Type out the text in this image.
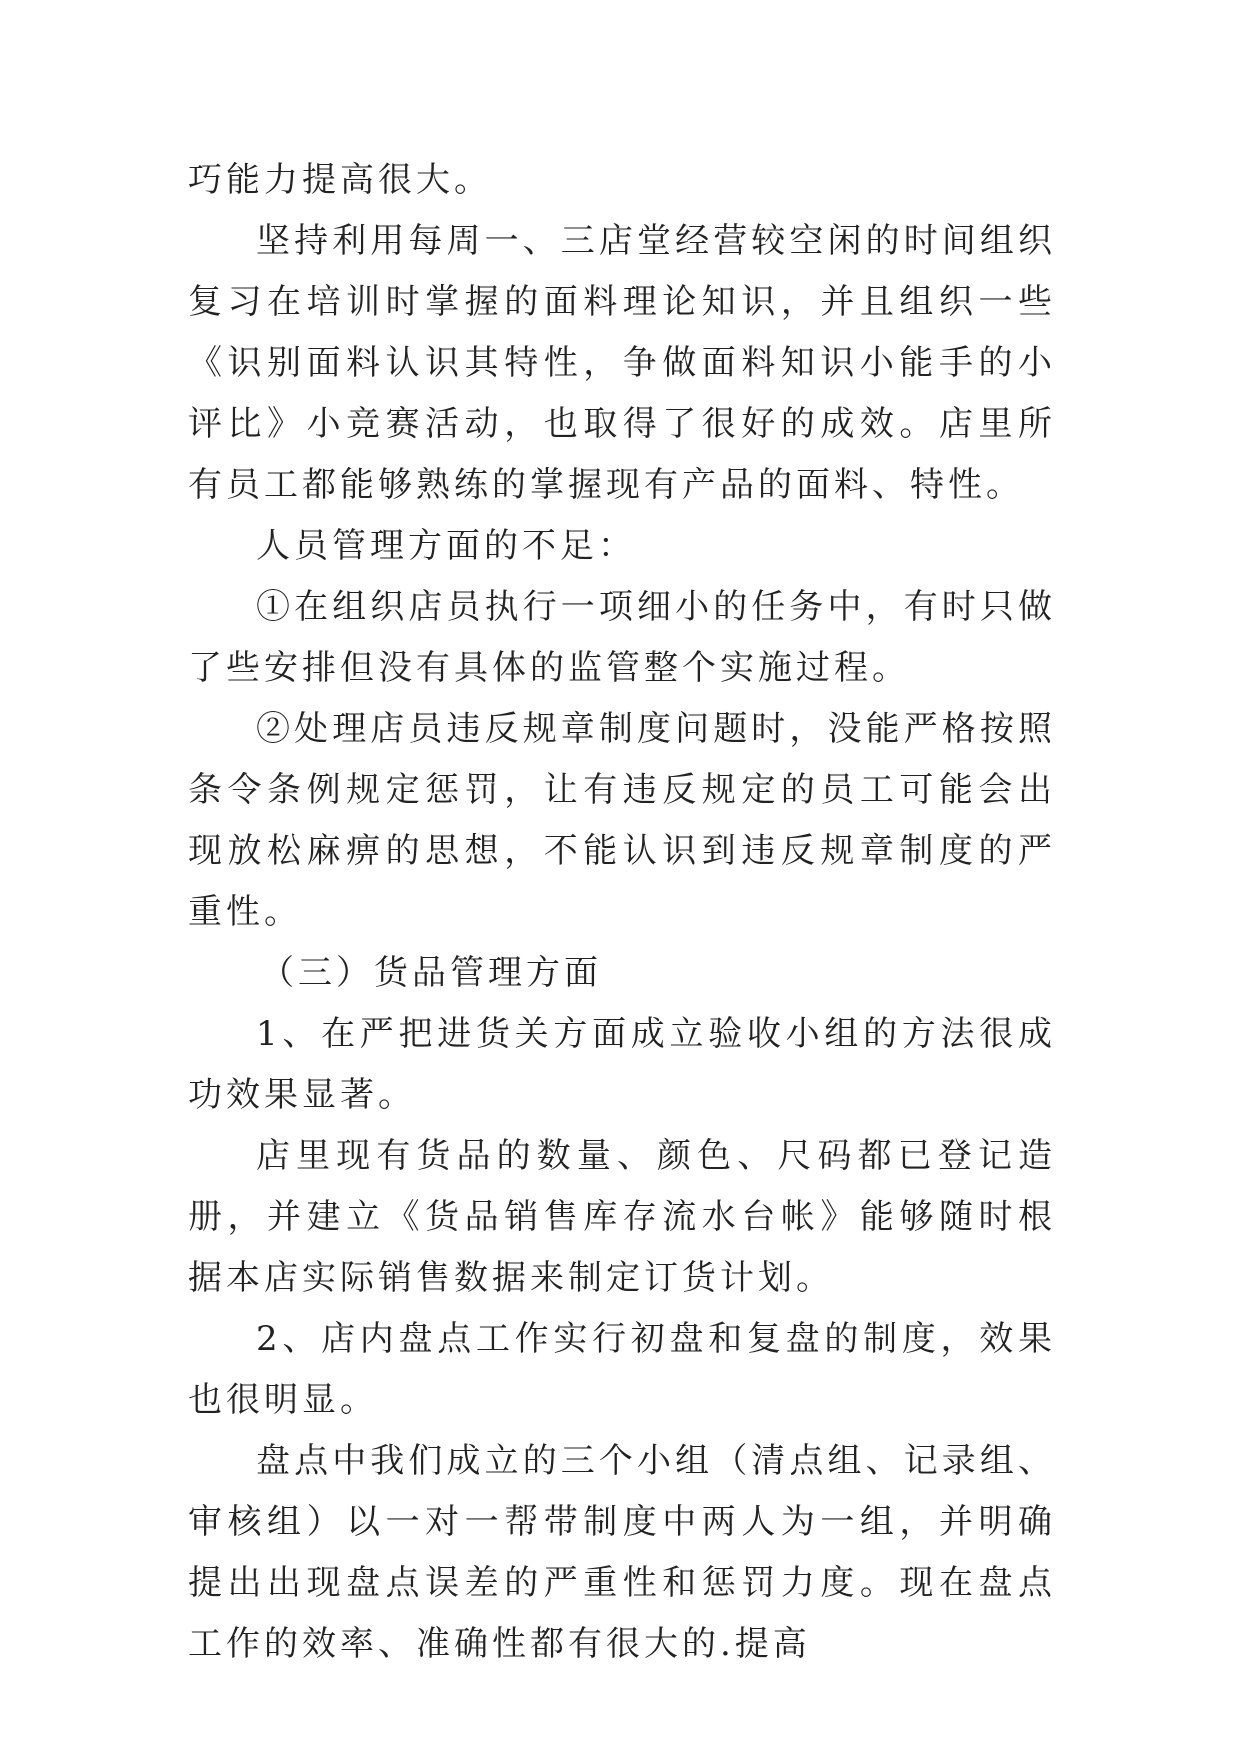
巧能力提高很大。

坚持利用每周一、三店堂经营较空闲的时间组织复习在培训时掌握的面料理论知识，并且组织一些《识别面料认识其特性，争做面料知识小能手的小评比》小竞赛活动，也取得了很好的成效。店里所有员工都能够熟练的掌握现有产品的面料、特性。

人员管理方面的不足：

①在组织店员执行一项细小的任务中，有时只做了些安排但没有具体的监管整个实施过程。

②处理店员违反规章制度问题时，没能严格按照条令条例规定惩罚，让有违反规定的员工可能会出现放松麻痹的思想，不能认识到违反规章制度的严重性。

（三）货品管理方面

1、在严把进货关方面成立验收小组的方法很成功效果显著。

店里现有货品的数量、颜色、尺码都已登记造册，并建立《货品销售库存流水台帐》能够随时根据本店实际销售数据来制定订货计划。

2、店内盘点工作实行初盘和复盘的制度，效果也很明显。

盘点中我们成立的三个小组（清点组、记录组、审核组）以一对一帮带制度中两人为一组，并明确提出出现盘点误差的严重性和惩罚力度。现在盘点工作的效率、准确性都有很大的.提高
